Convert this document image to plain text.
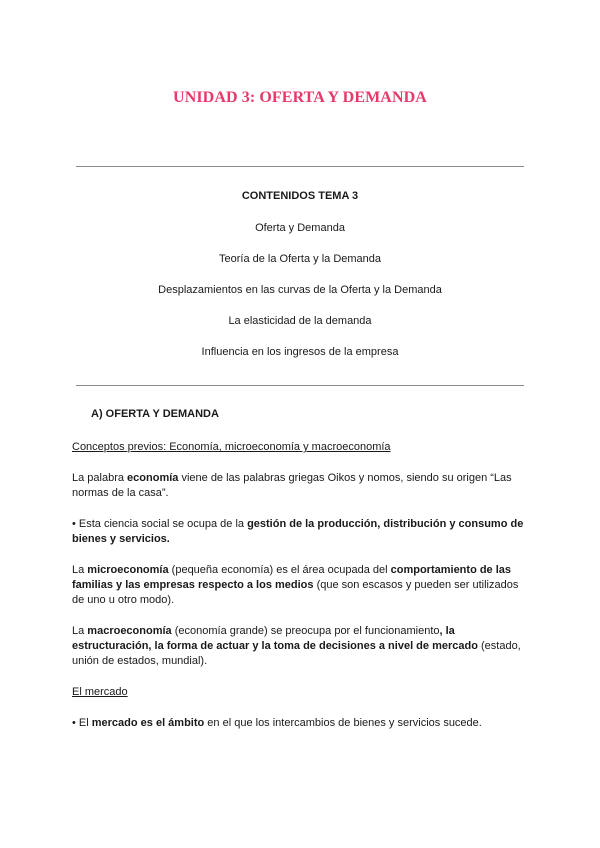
UNIDAD 3: OFERTA Y DEMANDA
CONTENIDOS TEMA 3
Oferta y Demanda
Teoría de la Oferta y la Demanda
Desplazamientos en las curvas de la Oferta y la Demanda
La elasticidad de la demanda
Influencia en los ingresos de la empresa
A) OFERTA Y DEMANDA
Conceptos previos: Economía, microeconomía y macroeconomía
La palabra economía viene de las palabras griegas Oikos y nomos, siendo su origen “Las
normas de la casa”.
• Esta ciencia social se ocupa de la gestión de la producción, distribución y consumo de
bienes y servicios.
La microeconomía (pequeña economía) es el área ocupada del comportamiento de las
familias y las empresas respecto a los medios (que son escasos y pueden ser utilizados
de uno u otro modo).
La macroeconomía (economía grande) se preocupa por el funcionamiento, la
estructuración, la forma de actuar y la toma de decisiones a nivel de mercado (estado,
unión de estados, mundial).
El mercado
• El mercado es el ámbito en el que los intercambios de bienes y servicios sucede.
